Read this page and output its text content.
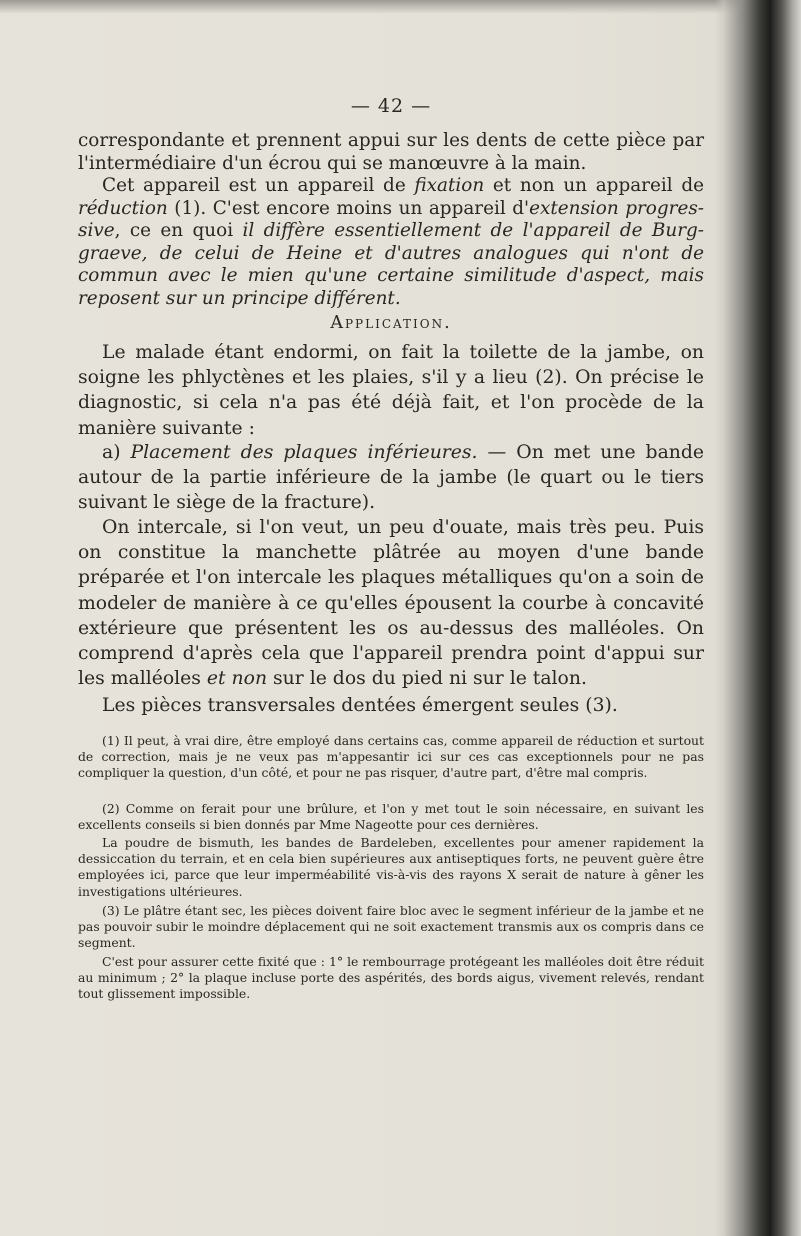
— 42 —

correspondante et prennent appui sur les dents de cette pièce par l'intermédiaire d'un écrou qui se manœuvre à la main.

Cet appareil est un appareil de fixation et non un appareil de réduction (1). C'est encore moins un appareil d'extension progres-sive, ce en quoi il diffère essentiellement de l'appareil de Burg-graeve, de celui de Heine et d'autres analogues qui n'ont de commun avec le mien qu'une certaine similitude d'aspect, mais reposent sur un principe différent.

Application.

Le malade étant endormi, on fait la toilette de la jambe, on soigne les phlyctènes et les plaies, s'il y a lieu (2). On précise le diagnostic, si cela n'a pas été déjà fait, et l'on procède de la manière suivante :

a) Placement des plaques inférieures. — On met une bande autour de la partie inférieure de la jambe (le quart ou le tiers suivant le siège de la fracture).

On intercale, si l'on veut, un peu d'ouate, mais très peu. Puis on constitue la manchette plâtrée au moyen d'une bande préparée et l'on intercale les plaques métalliques qu'on a soin de modeler de manière à ce qu'elles épousent la courbe à concavité extérieure que présentent les os au-dessus des malléoles. On comprend d'après cela que l'appareil prendra point d'appui sur les malléoles et non sur le dos du pied ni sur le talon.

Les pièces transversales dentées émergent seules (3).

(1) Il peut, à vrai dire, être employé dans certains cas, comme appareil de réduction et surtout de correction, mais je ne veux pas m'appesantir ici sur ces cas exceptionnels pour ne pas compliquer la question, d'un côté, et pour ne pas risquer, d'autre part, d'être mal compris.

(2) Comme on ferait pour une brûlure, et l'on y met tout le soin nécessaire, en suivant les excellents conseils si bien donnés par Mme Nageotte pour ces dernières.

La poudre de bismuth, les bandes de Bardeleben, excellentes pour amener rapidement la dessiccation du terrain, et en cela bien supérieures aux antiseptiques forts, ne peuvent guère être employées ici, parce que leur imperméabilité vis-à-vis des rayons X serait de nature à gêner les investigations ultérieures.

(3) Le plâtre étant sec, les pièces doivent faire bloc avec le segment inférieur de la jambe et ne pas pouvoir subir le moindre déplacement qui ne soit exactement transmis aux os compris dans ce segment.

C'est pour assurer cette fixité que : 1° le rembourrage protégeant les malléoles doit être réduit au minimum ; 2° la plaque incluse porte des aspérités, des bords aigus, vivement relevés, rendant tout glissement impossible.
